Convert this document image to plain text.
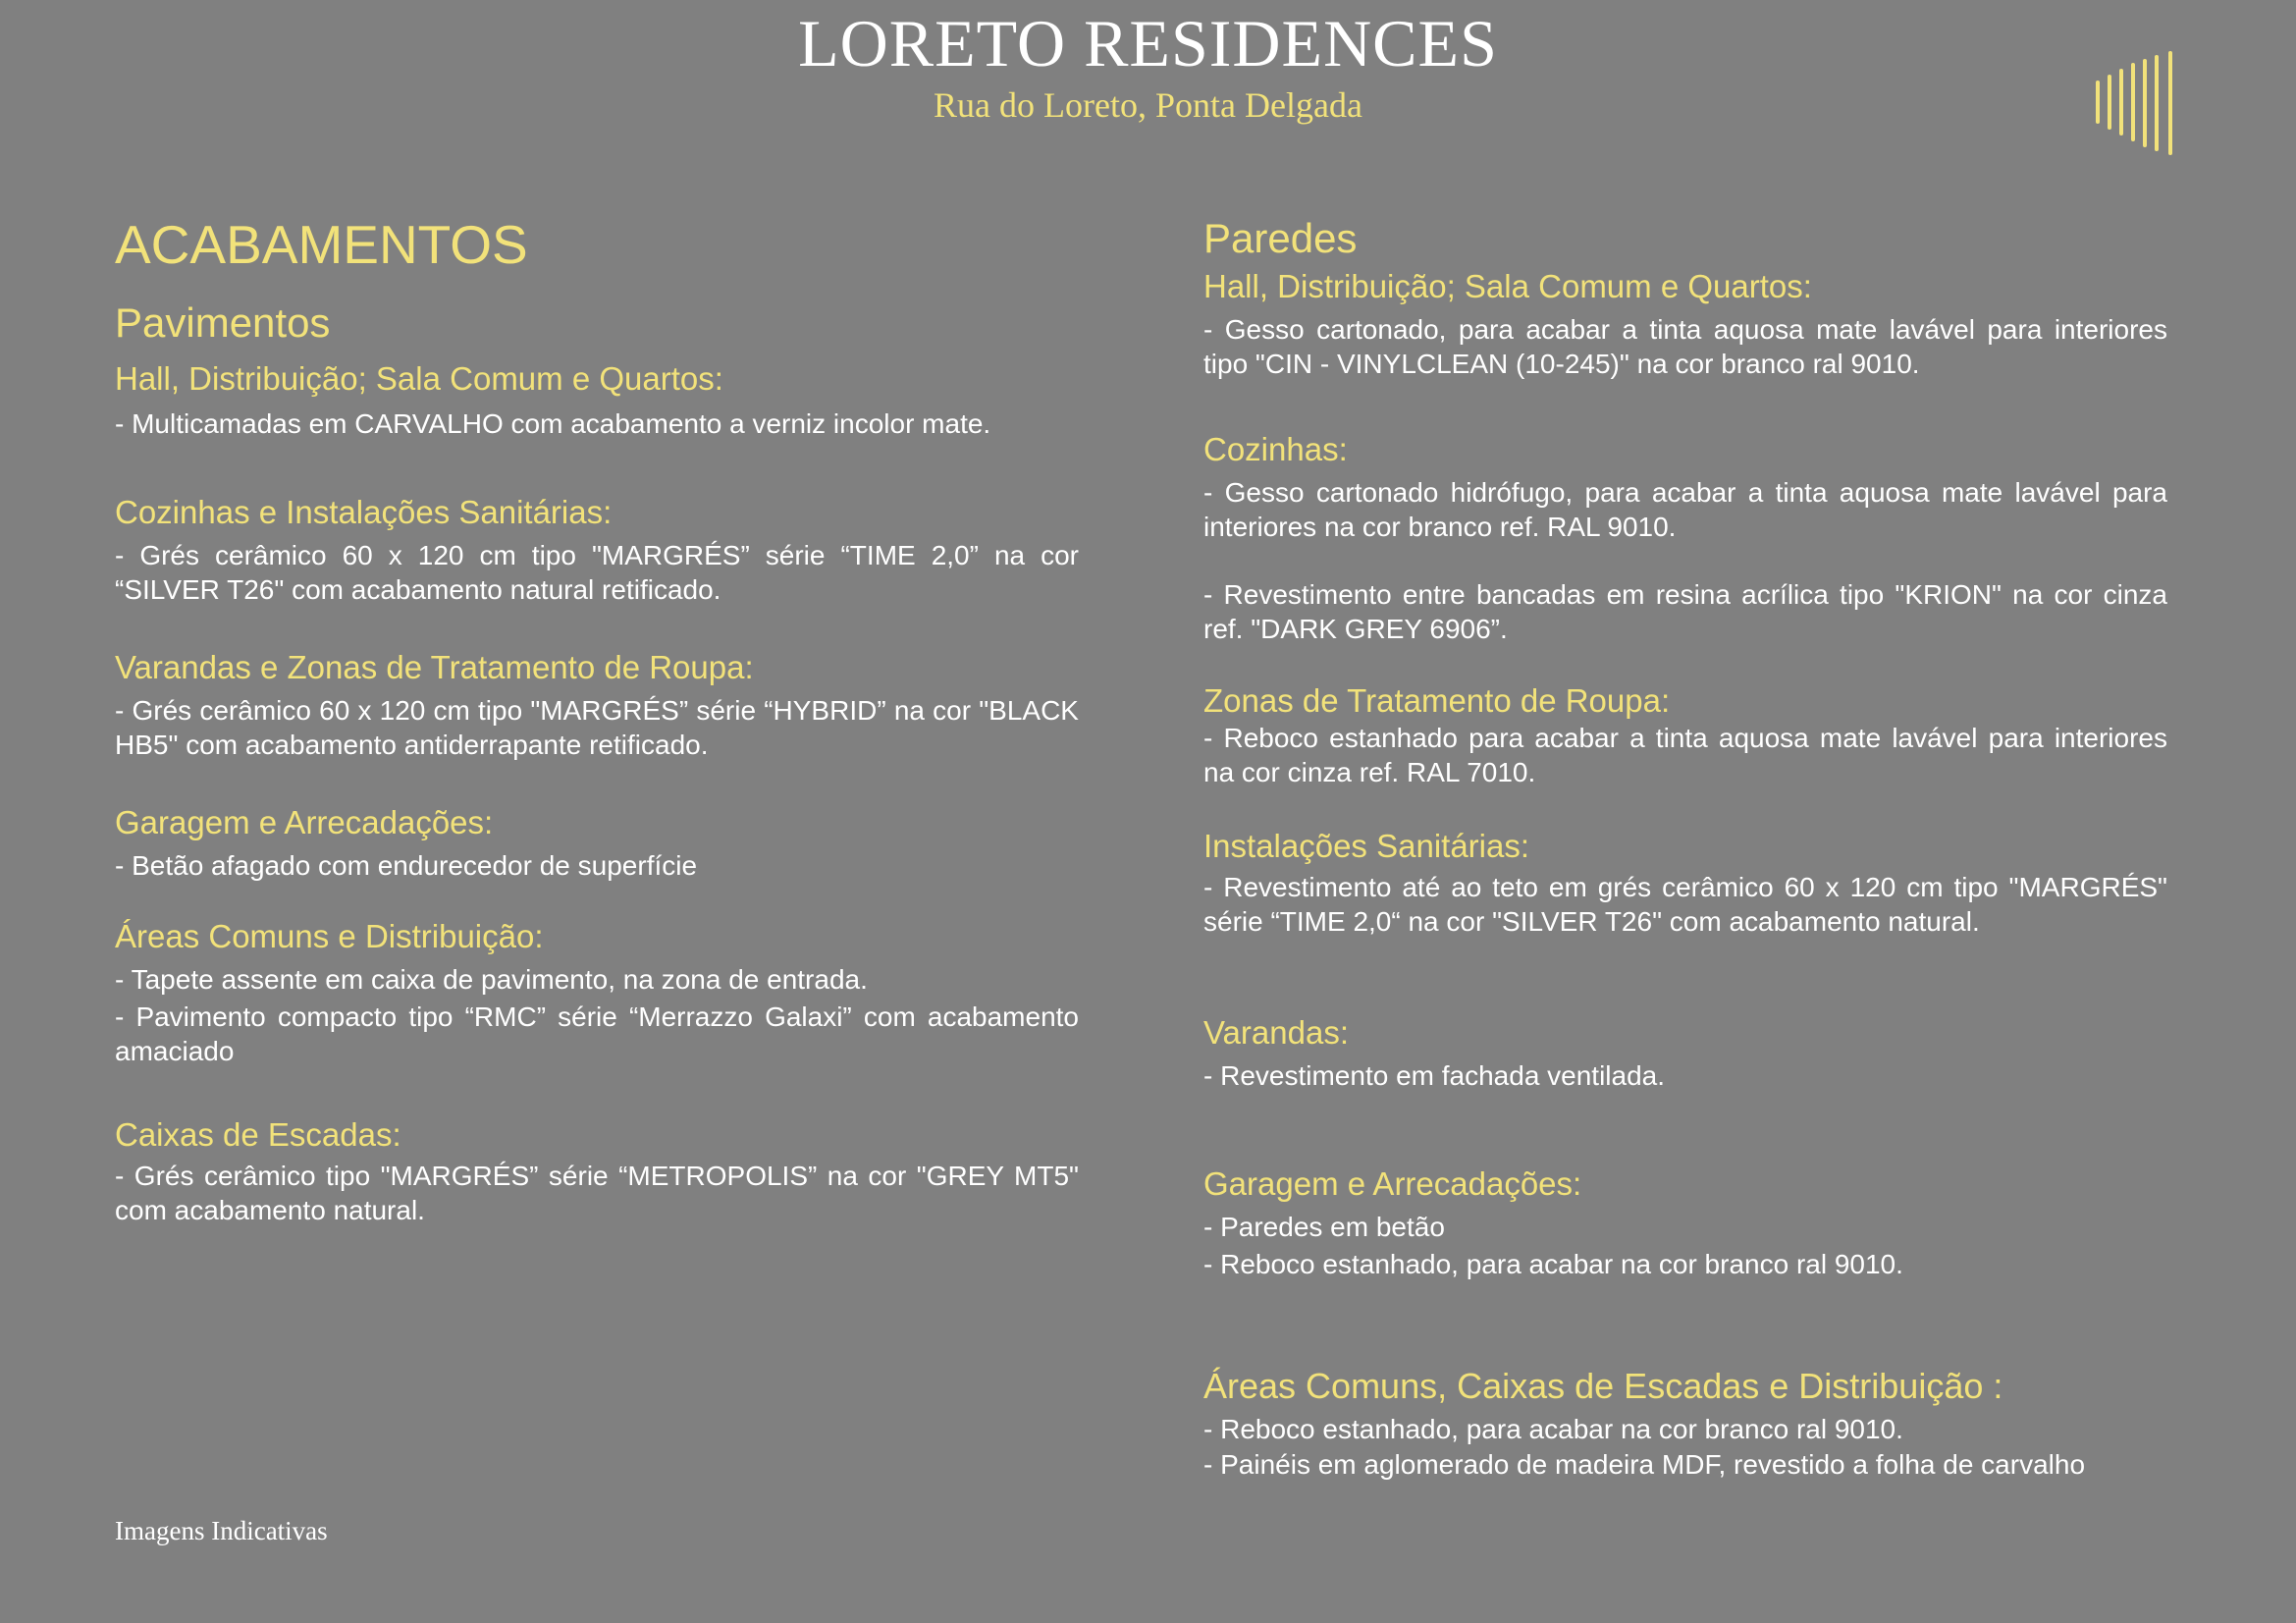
LORETO RESIDENCES
Rua do Loreto, Ponta Delgada
ACABAMENTOS
Pavimentos
Hall, Distribuição; Sala Comum e Quartos:
- Multicamadas em CARVALHO com acabamento a verniz incolor mate.
Cozinhas e Instalações Sanitárias:
- Grés cerâmico 60 x 120 cm tipo "MARGRÉS” série “TIME 2,0” na cor “SILVER T26" com acabamento natural retificado.
Varandas e Zonas de Tratamento de Roupa:
- Grés cerâmico 60 x 120 cm tipo "MARGRÉS” série “HYBRID” na cor "BLACK HB5" com acabamento antiderrapante retificado.
Garagem e Arrecadações:
- Betão afagado com endurecedor de superfície
Áreas Comuns e Distribuição:
- Tapete assente em caixa de pavimento, na zona de entrada.
- Pavimento compacto tipo “RMC” série “Merrazzo Galaxi” com acabamento amaciado
Caixas de Escadas:
- Grés cerâmico tipo "MARGRÉS” série “METROPOLIS” na cor "GREY MT5" com acabamento natural.
Paredes
Hall, Distribuição; Sala Comum e Quartos:
- Gesso cartonado, para acabar a tinta aquosa mate lavável para interiores tipo "CIN - VINYLCLEAN (10-245)" na cor branco ral 9010.
Cozinhas:
- Gesso cartonado hidrófugo, para acabar a tinta aquosa mate lavável para interiores na cor branco ref. RAL 9010.
- Revestimento entre bancadas em resina acrílica tipo "KRION" na cor cinza ref. "DARK GREY 6906”.
Zonas de Tratamento de Roupa:
- Reboco estanhado para acabar a tinta aquosa mate lavável para interiores na cor cinza ref. RAL 7010.
Instalações Sanitárias:
- Revestimento até ao teto em grés cerâmico 60 x 120 cm tipo "MARGRÉS" série “TIME 2,0“ na cor "SILVER T26" com acabamento natural.
Varandas:
- Revestimento em fachada ventilada.
Garagem e Arrecadações:
- Paredes em betão
- Reboco estanhado, para acabar na cor branco ral 9010.
Áreas Comuns, Caixas de Escadas e Distribuição :
- Reboco estanhado, para acabar na cor branco ral 9010.
- Painéis em aglomerado de madeira MDF, revestido a folha de carvalho
Imagens Indicativas
